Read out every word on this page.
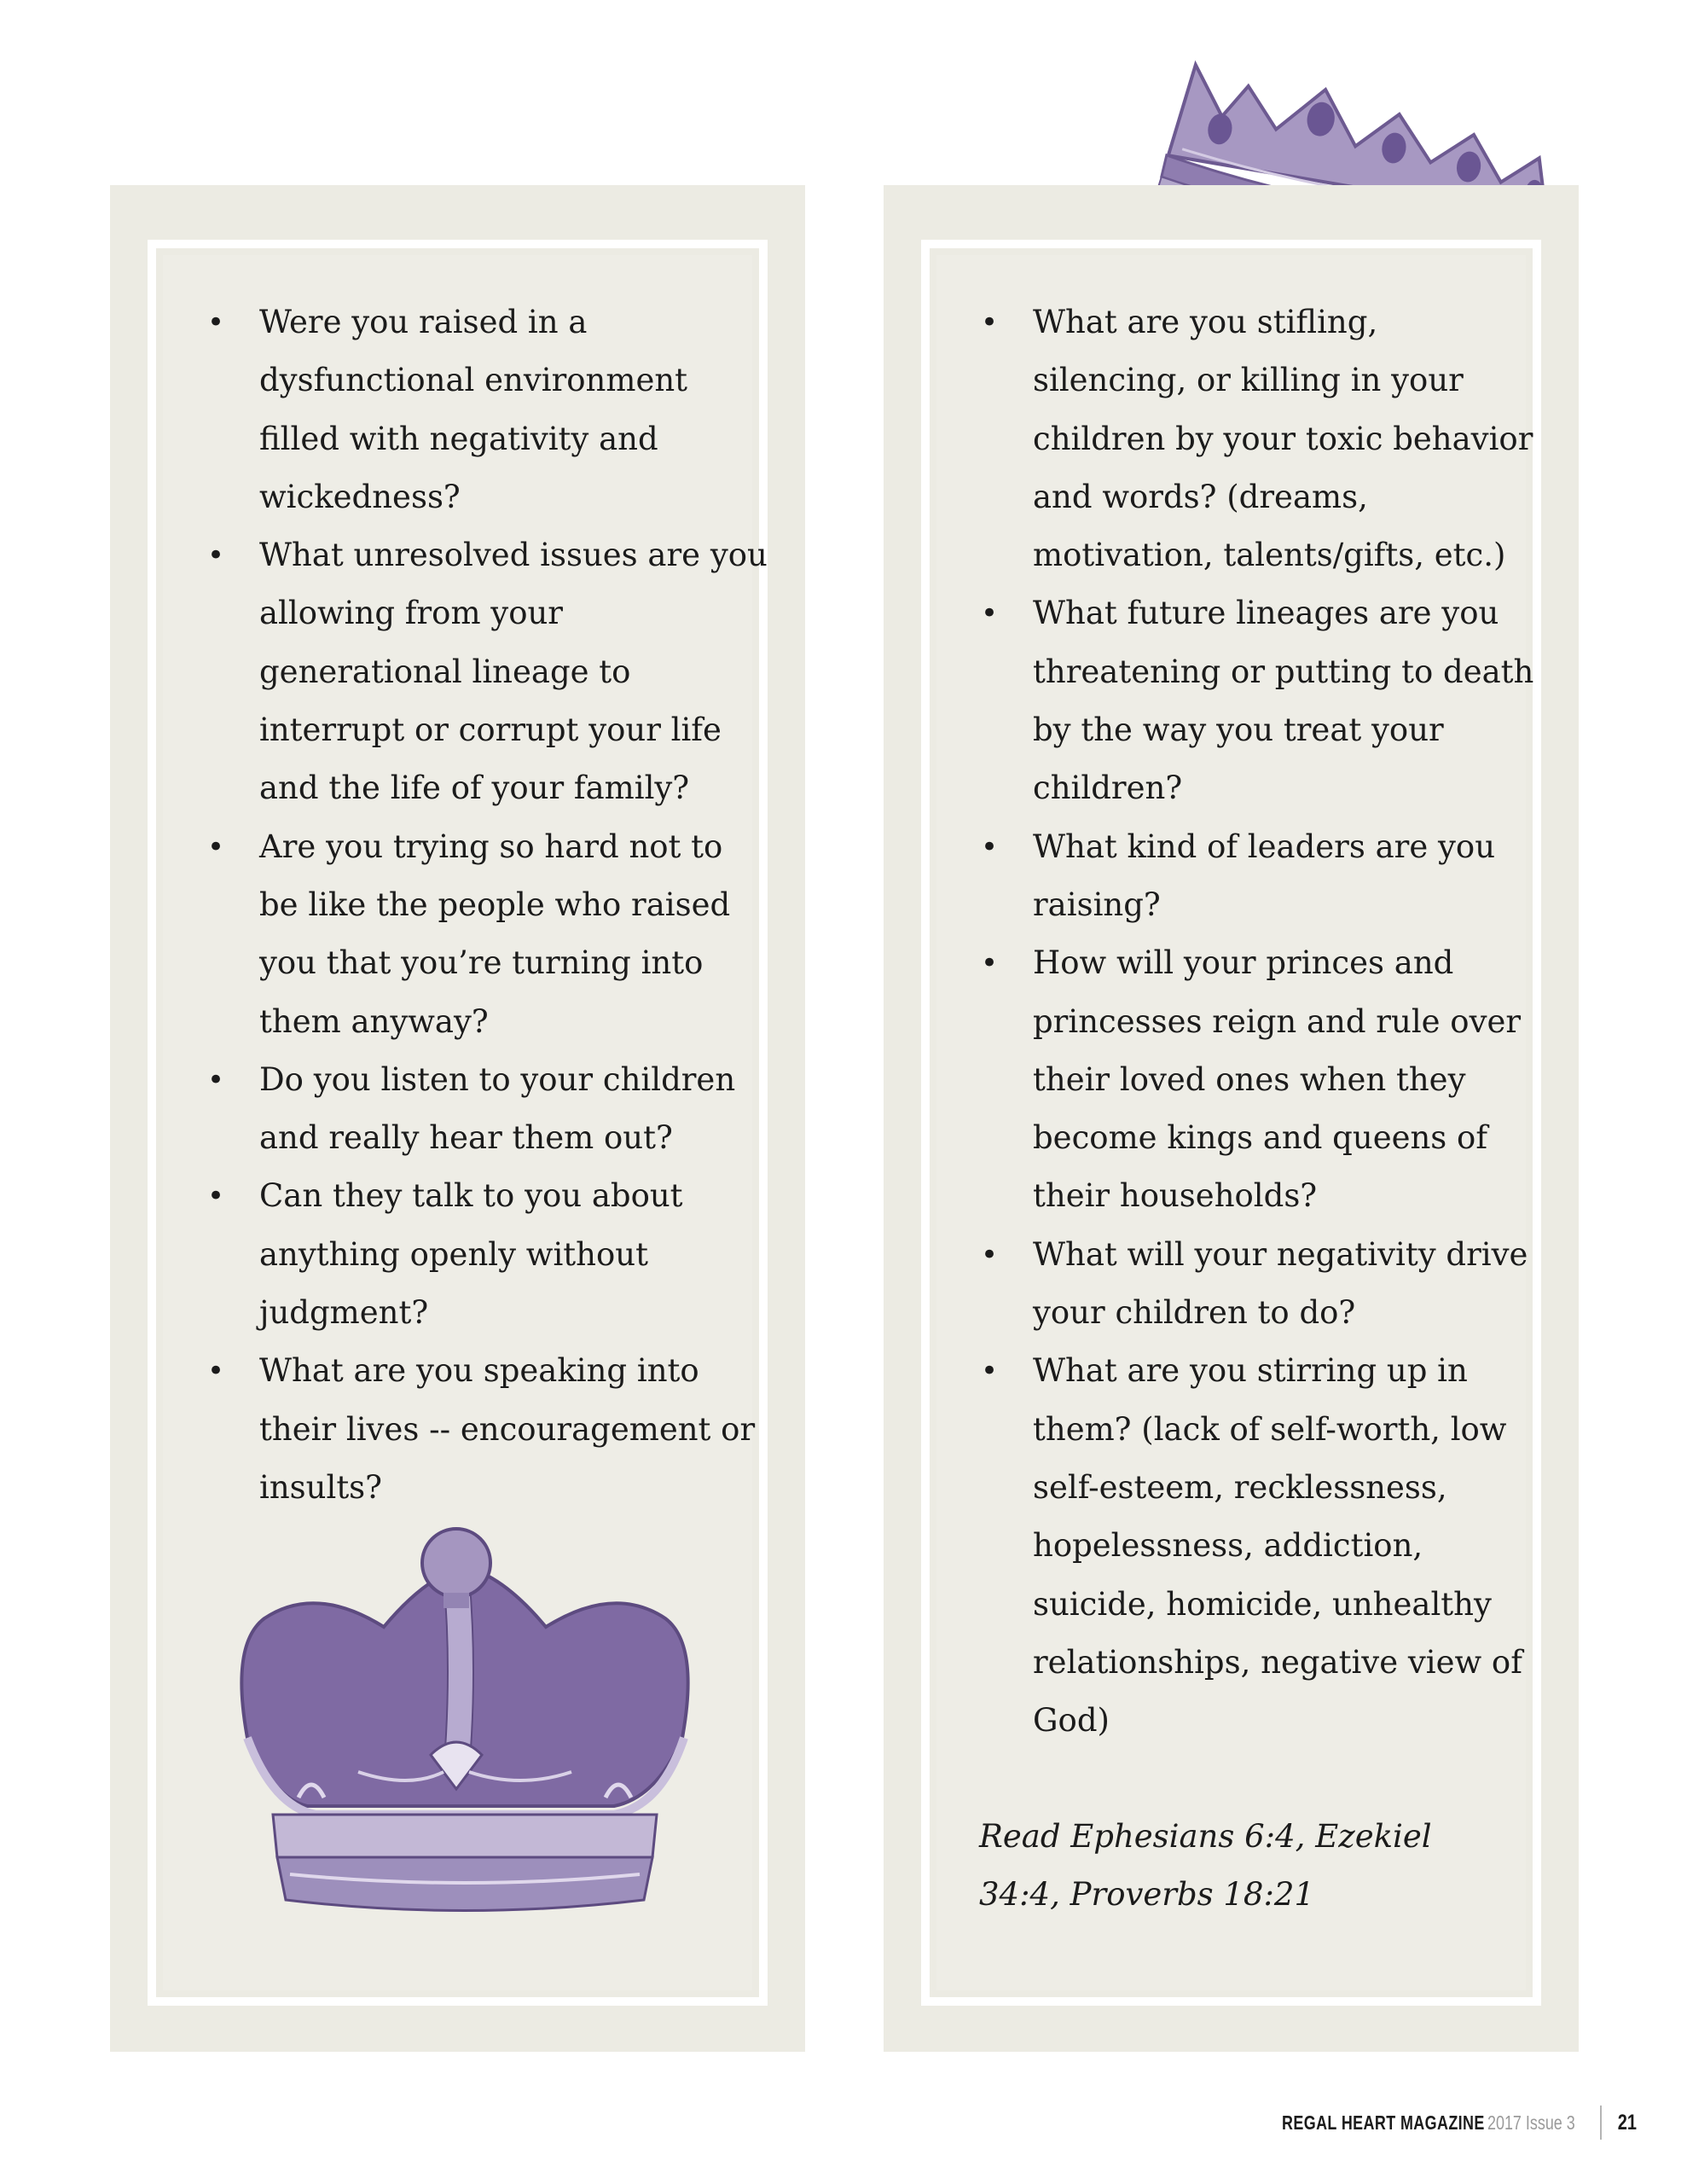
• Were you raised in a dysfunctional environment filled with negativity and wickedness?
• What unresolved issues are you allowing from your generational lineage to interrupt or corrupt your life and the life of your family?
• Are you trying so hard not to be like the people who raised you that you’re turning into them anyway?
• Do you listen to your children and really hear them out?
• Can they talk to you about anything openly without judgment?
• What are you speaking into their lives -- encouragement or insults?
• What are you stifling, silencing, or killing in your children by your toxic behavior and words? (dreams, motivation, talents/gifts, etc.)
• What future lineages are you threatening or putting to death by the way you treat your children?
• What kind of leaders are you raising?
• How will your princes and princesses reign and rule over their loved ones when they become kings and queens of their households?
• What will your negativity drive your children to do?
• What are you stirring up in them? (lack of self-worth, low self-esteem, recklessness, hopelessness, addiction, suicide, homicide, unhealthy relationships, negative view of God)
Read Ephesians 6:4, Ezekiel 34:4, Proverbs 18:21
REGAL HEART MAGAZINE 2017 Issue 3 21
